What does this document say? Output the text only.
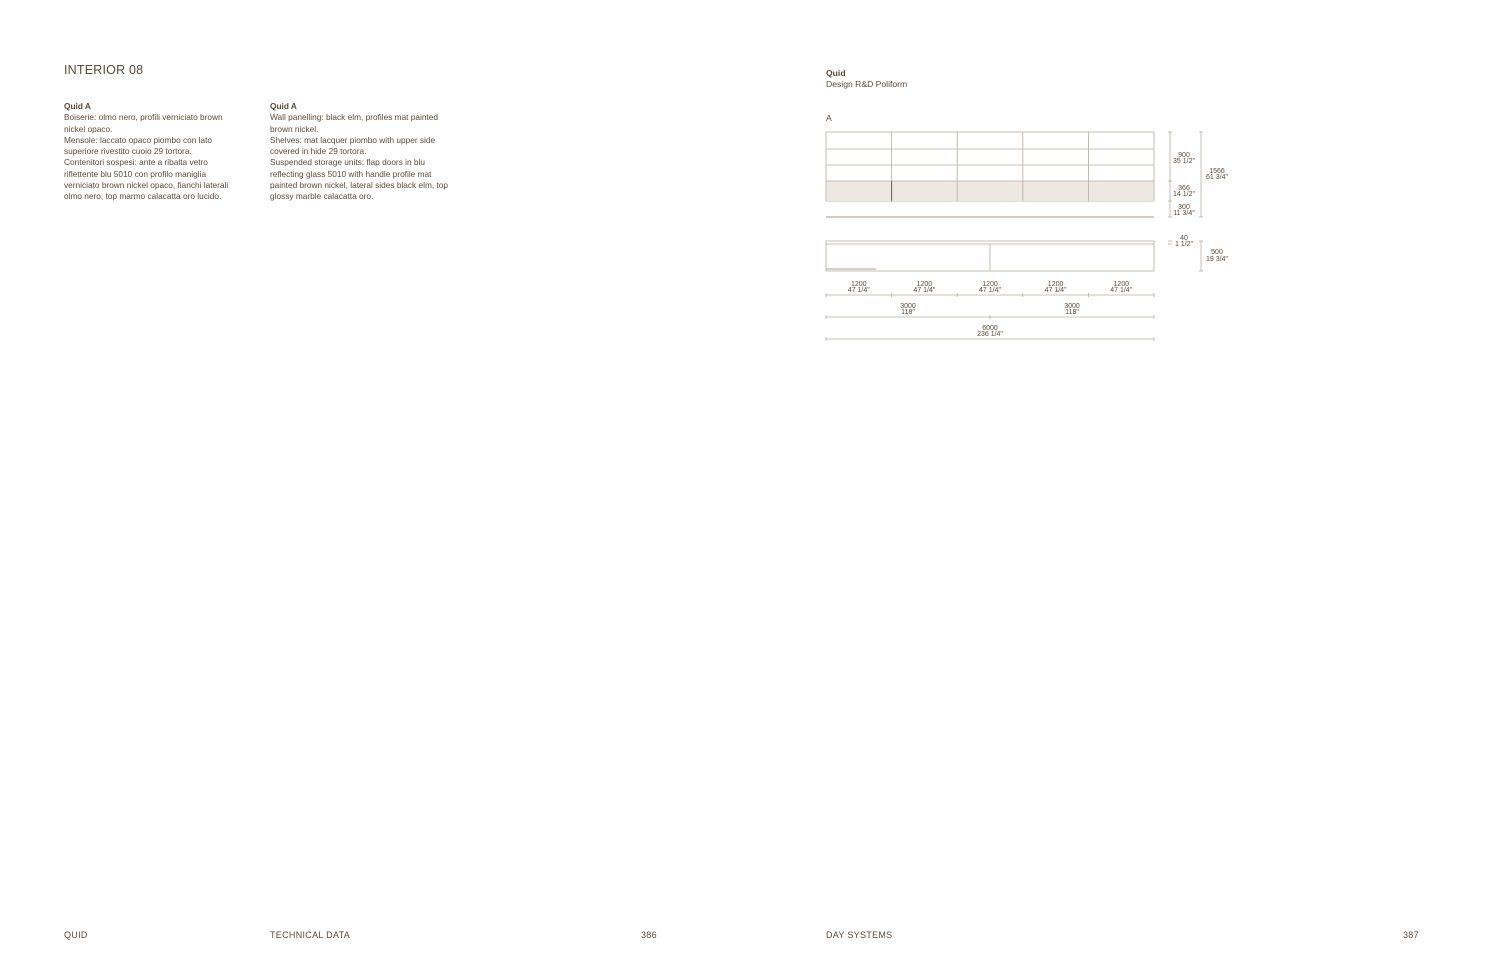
INTERIOR 08
Quid A

Boiserie: olmo nero, profili verniciato brown nickel opaco.

Mensole: laccato opaco piombo con lato superiore rivestito cuoio 29 tortora.

Contenitori sospesi: ante a ribalta vetro riflettente blu 5010 con profilo maniglia verniciato brown nickel opaco, fianchi laterali olmo nero, top marmo calacatta oro lucido.

Quid A

Wall panelling: black elm, profiles mat painted brown nickel.

Shelves: mat lacquer piombo with upper side covered in hide 29 tortora.

Suspended storage units: flap doors in blu reflecting glass 5010 with handle profile mat painted brown nickel, lateral sides black elm, top glossy marble calacatta oro.

QUID	TECHNICAL DATA	386
Quid
Design R&D Poliform
A
1200
47 1/4"
1200
47 1/4"
1200
47 1/4"
1200
47 1/4"
1200
47 1/4"
3000
118"
3000
118"
6000
236 1/4"
900
35 1/2"
366
14 1/2"
300
11 3/4"
1566
61 3/4"
40
1 1/2"
500
19 3/4"
DAY SYSTEMS	387
